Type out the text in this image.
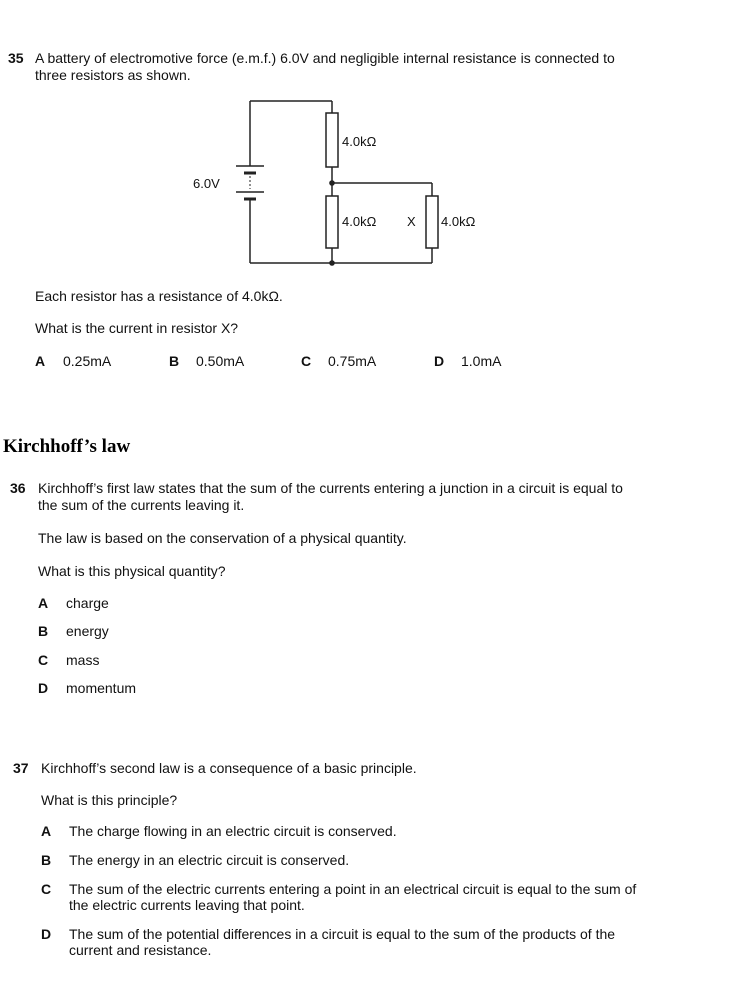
35 A battery of electromotive force (e.m.f.) 6.0V and negligible internal resistance is connected to
three resistors as shown.
6.0V
4.0kΩ
4.0kΩ X 4.0kΩ
Each resistor has a resistance of 4.0kΩ.
What is the current in resistor X?
A 0.25mA	B 0.50mA	C 0.75mA	D 1.0mA
Kirchhoff’s law
36 Kirchhoff’s first law states that the sum of the currents entering a junction in a circuit is equal to
the sum of the currents leaving it.
The law is based on the conservation of a physical quantity.
What is this physical quantity?
A charge
B energy
C mass
D momentum
37 Kirchhoff’s second law is a consequence of a basic principle.
What is this principle?
A The charge flowing in an electric circuit is conserved.
B The energy in an electric circuit is conserved.
C The sum of the electric currents entering a point in an electrical circuit is equal to the sum of
the electric currents leaving that point.
D The sum of the potential differences in a circuit is equal to the sum of the products of the
current and resistance.
